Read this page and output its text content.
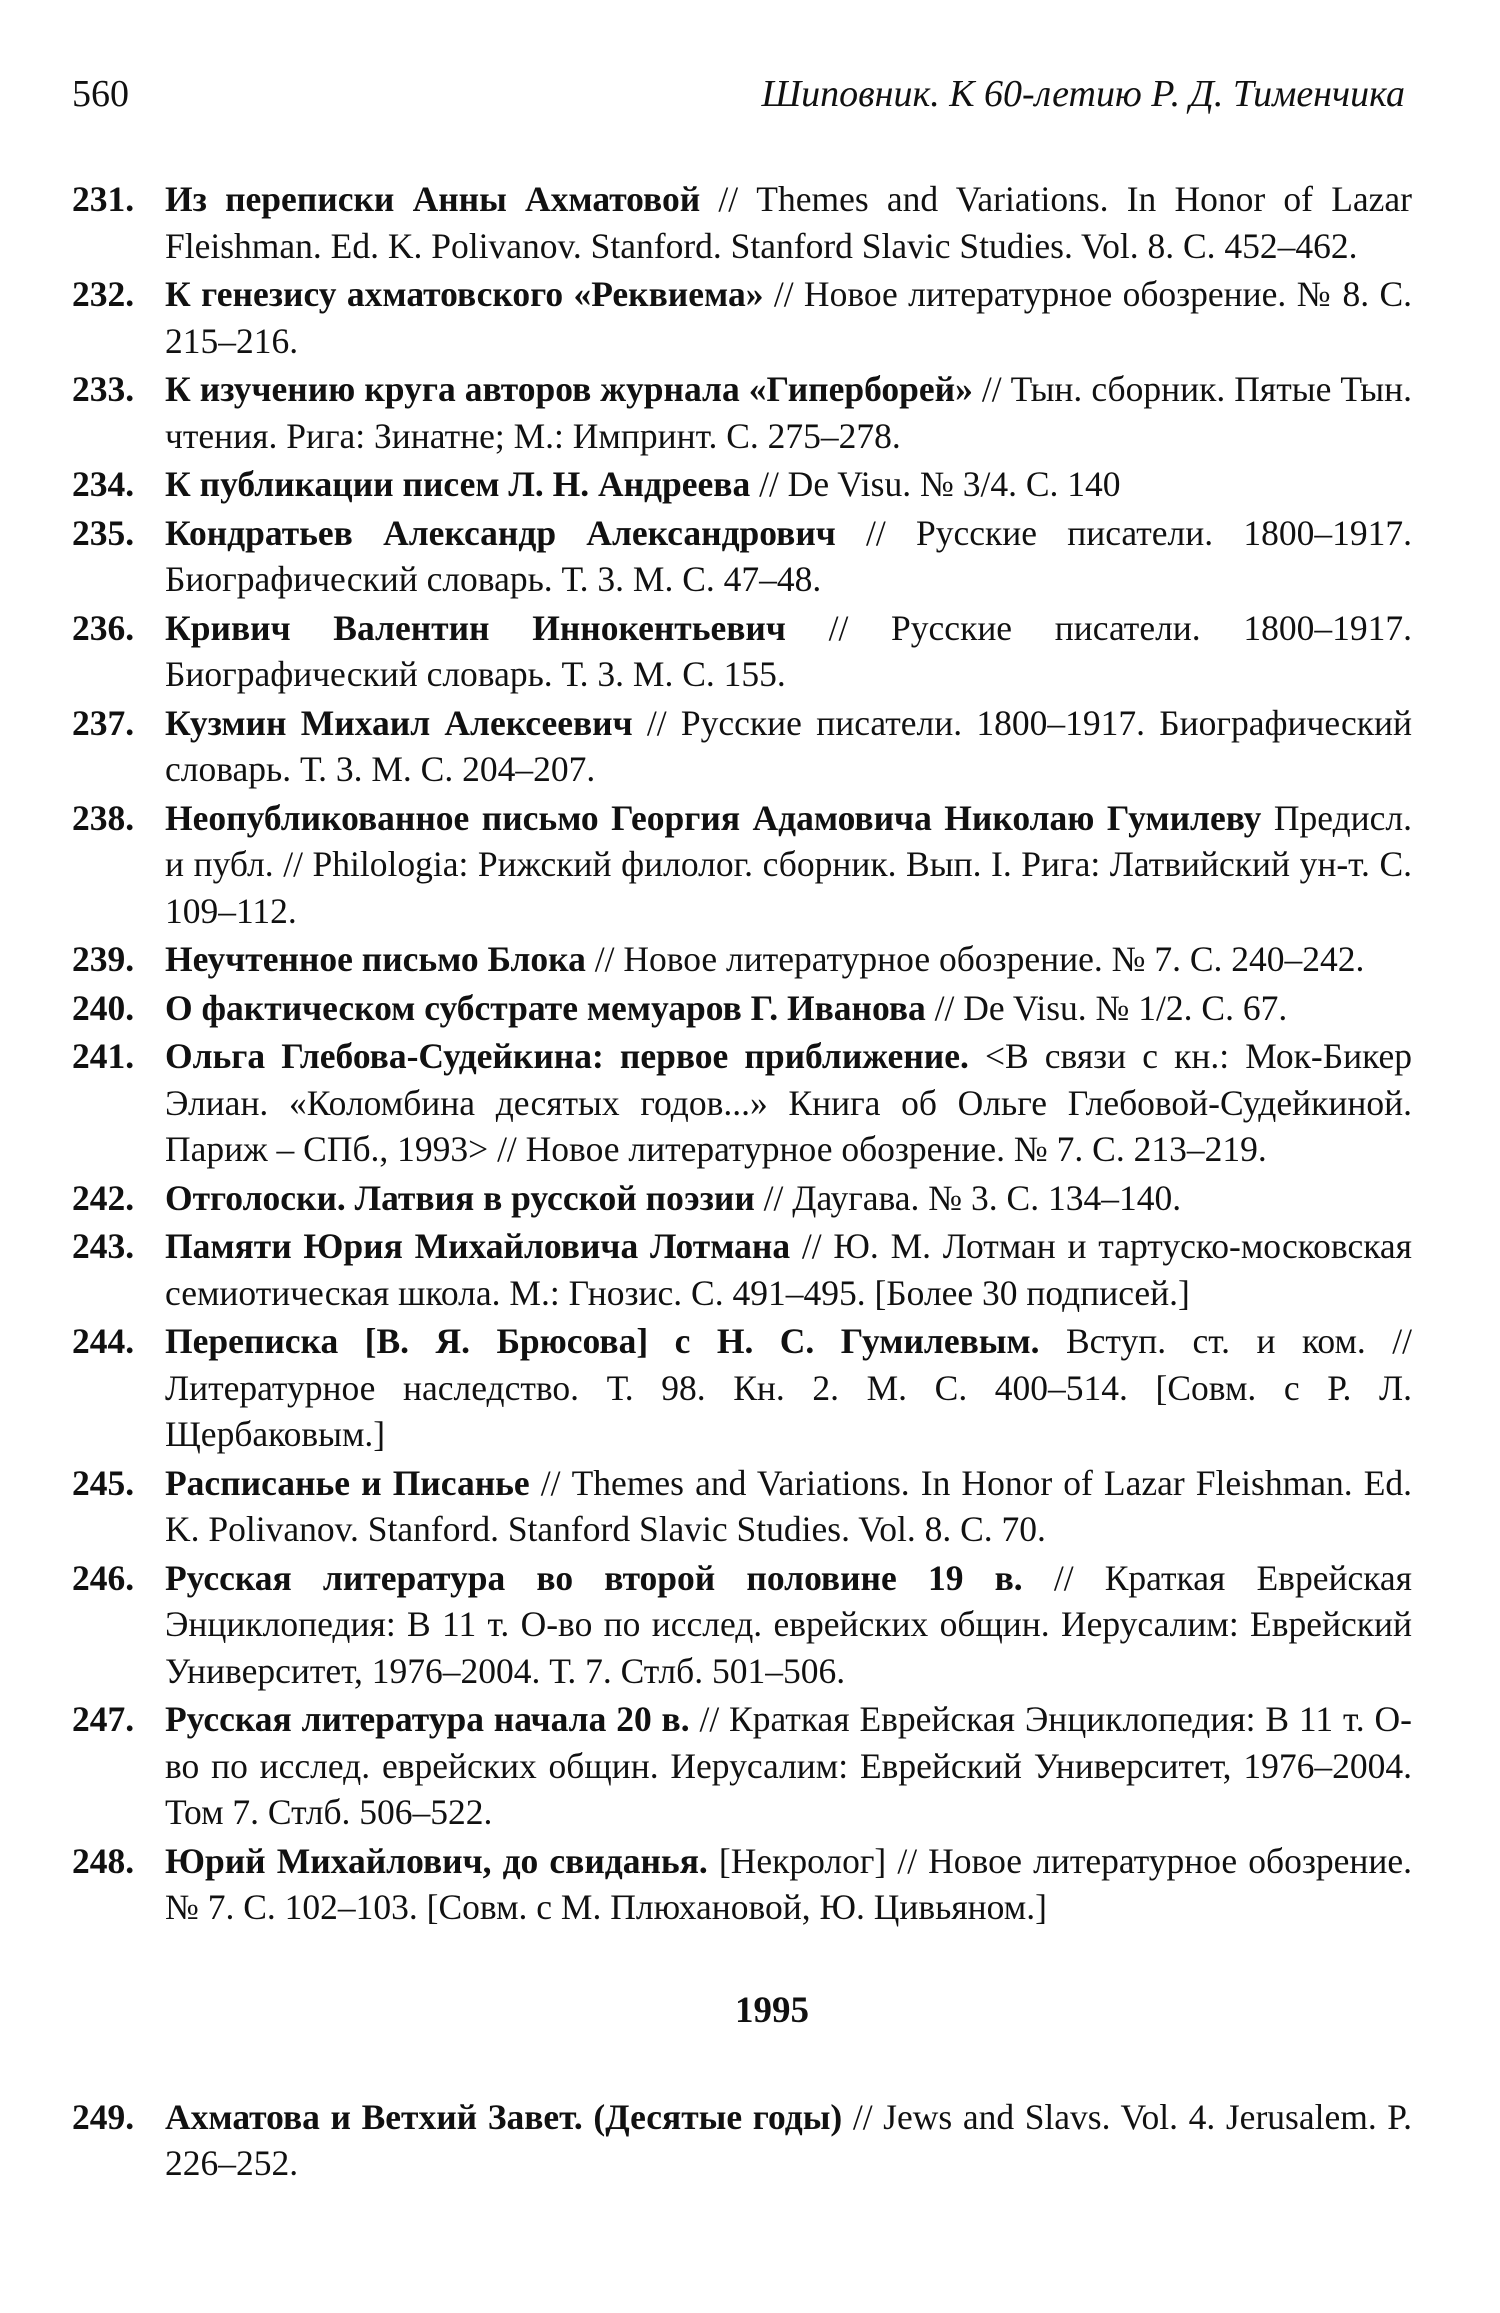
560	Шиповник. К 60-летию Р. Д. Тименчика
231. Из переписки Анны Ахматовой // Themes and Variations. In Honor of Lazar Fleishman. Ed. K. Polivanov. Stanford. Stanford Slavic Studies. Vol. 8. C. 452–462.
232. К генезису ахматовского «Реквиема» // Новое литературное обозрение. № 8. С. 215–216.
233. К изучению круга авторов журнала «Гиперборей» // Тын. сборник. Пятые Тын. чтения. Рига: Зинатне; М.: Импринт. С. 275–278.
234. К публикации писем Л. Н. Андреева // De Visu. № 3/4. С. 140
235. Кондратьев Александр Александрович // Русские писатели. 1800–1917. Биографический словарь. Т. 3. М. С. 47–48.
236. Кривич Валентин Иннокентьевич // Русские писатели. 1800–1917. Биографический словарь. Т. 3. М. С. 155.
237. Кузмин Михаил Алексеевич // Русские писатели. 1800–1917. Биографический словарь. Т. 3. М. С. 204–207.
238. Неопубликованное письмо Георгия Адамовича Николаю Гумилеву Предисл. и публ. // Philologia: Рижский филолог. сборник. Вып. I. Рига: Латвийский ун-т. С. 109–112.
239. Неучтенное письмо Блока // Новое литературное обозрение. № 7. С. 240–242.
240. О фактическом субстрате мемуаров Г. Иванова // De Visu. № 1/2. С. 67.
241. Ольга Глебова-Судейкина: первое приближение. <В связи с кн.: Мок-Бикер Элиан. «Коломбина десятых годов...» Книга об Ольге Глебовой-Судейкиной. Париж – СПб., 1993> // Новое литературное обозрение. № 7. С. 213–219.
242. Отголоски. Латвия в русской поэзии // Даугава. № 3. С. 134–140.
243. Памяти Юрия Михайловича Лотмана // Ю. М. Лотман и тартуско-московская семиотическая школа. М.: Гнозис. С. 491–495. [Более 30 подписей.]
244. Переписка [В. Я. Брюсова] с Н. С. Гумилевым. Вступ. ст. и ком. // Литературное наследство. Т. 98. Кн. 2. М. С. 400–514. [Совм. с Р. Л. Щербаковым.]
245. Расписанье и Писанье // Themes and Variations. In Honor of Lazar Fleishman. Ed. K. Polivanov. Stanford. Stanford Slavic Studies. Vol. 8. C. 70.
246. Русская литература во второй половине 19 в. // Краткая Еврейская Энциклопедия: В 11 т. О-во по исслед. еврейских общин. Иерусалим: Еврейский Университет, 1976–2004. Т. 7. Стлб. 501–506.
247. Русская литература начала 20 в. // Краткая Еврейская Энциклопедия: В 11 т. О-во по исслед. еврейских общин. Иерусалим: Еврейский Университет, 1976–2004. Том 7. Стлб. 506–522.
248. Юрий Михайлович, до свиданья. [Некролог] // Новое литературное обозрение. № 7. С. 102–103. [Совм. с М. Плюхановой, Ю. Цивьяном.]
1995
249. Ахматова и Ветхий Завет. (Десятые годы) // Jews and Slavs. Vol. 4. Jerusalem. P. 226–252.
